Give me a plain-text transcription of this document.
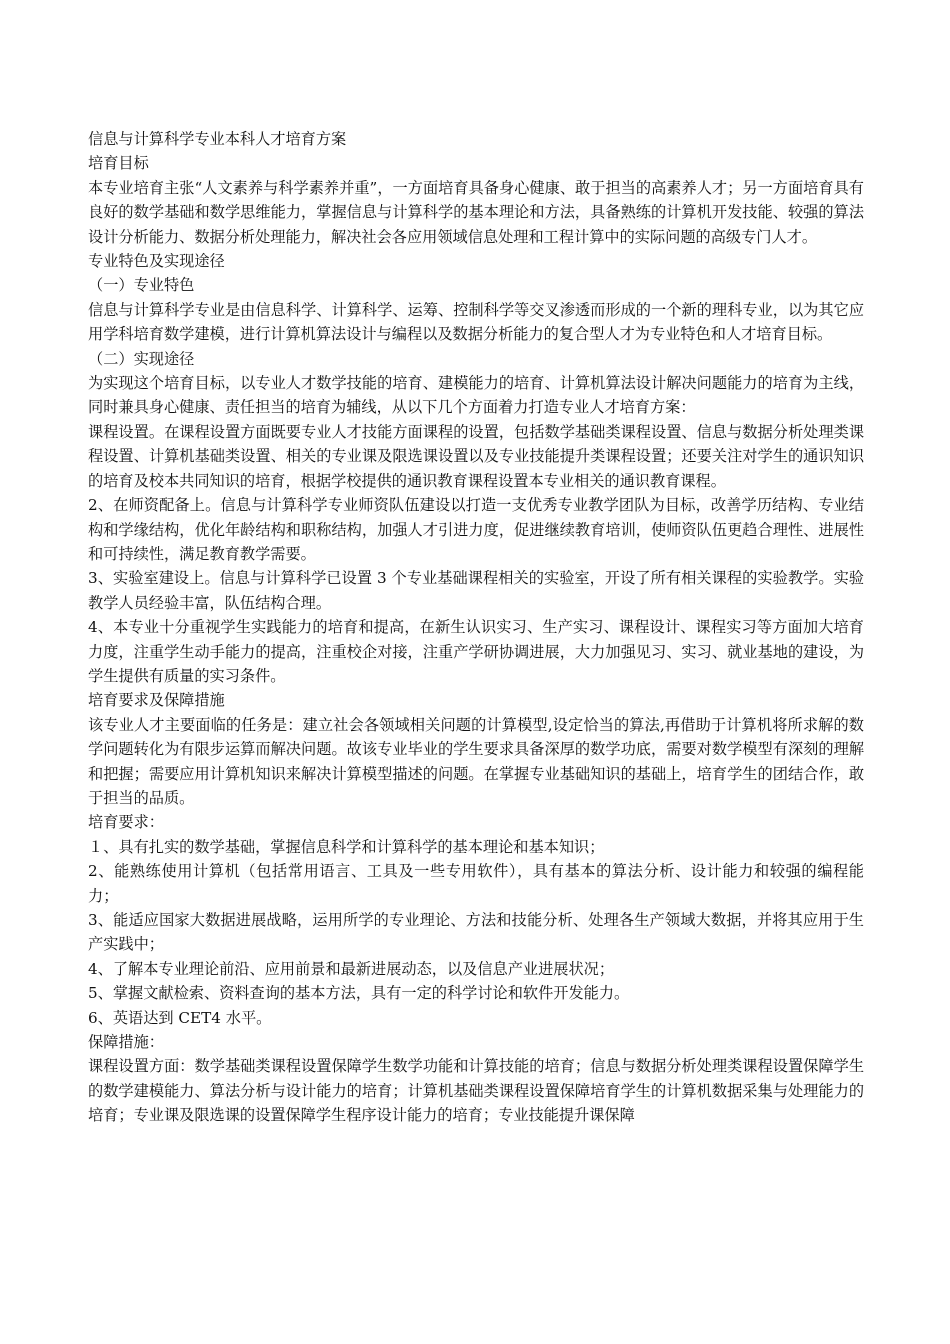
信息与计算科学专业本科人才培育方案

培育目标

本专业培育主张“人文素养与科学素养并重”，一方面培育具备身心健康、敢于担当的高素养人才；另一方面培育具有良好的数学基础和数学思维能力，掌握信息与计算科学的基本理论和方法，具备熟练的计算机开发技能、较强的算法设计分析能力、数据分析处理能力，解决社会各应用领域信息处理和工程计算中的实际问题的高级专门人才。

专业特色及实现途径

（一）专业特色

信息与计算科学专业是由信息科学、计算科学、运筹、控制科学等交叉渗透而形成的一个新的理科专业，以为其它应用学科培育数学建模，进行计算机算法设计与编程以及数据分析能力的复合型人才为专业特色和人才培育目标。

（二）实现途径

为实现这个培育目标，以专业人才数学技能的培育、建模能力的培育、计算机算法设计解决问题能力的培育为主线，同时兼具身心健康、责任担当的培育为辅线，从以下几个方面着力打造专业人才培育方案：

课程设置。在课程设置方面既要专业人才技能方面课程的设置，包括数学基础类课程设置、信息与数据分析处理类课程设置、计算机基础类设置、相关的专业课及限选课设置以及专业技能提升类课程设置；还要关注对学生的通识知识的培育及校本共同知识的培育，根据学校提供的通识教育课程设置本专业相关的通识教育课程。

2、在师资配备上。信息与计算科学专业师资队伍建设以打造一支优秀专业教学团队为目标，改善学历结构、专业结构和学缘结构，优化年龄结构和职称结构，加强人才引进力度，促进继续教育培训，使师资队伍更趋合理性、进展性和可持续性，满足教育教学需要。

3、实验室建设上。信息与计算科学已设置 3 个专业基础课程相关的实验室，开设了所有相关课程的实验教学。实验教学人员经验丰富，队伍结构合理。

4、本专业十分重视学生实践能力的培育和提高，在新生认识实习、生产实习、课程设计、课程实习等方面加大培育力度，注重学生动手能力的提高，注重校企对接，注重产学研协调进展，大力加强见习、实习、就业基地的建设，为学生提供有质量的实习条件。

培育要求及保障措施

该专业人才主要面临的任务是：建立社会各领域相关问题的计算模型,设定恰当的算法,再借助于计算机将所求解的数学问题转化为有限步运算而解决问题。故该专业毕业的学生要求具备深厚的数学功底，需要对数学模型有深刻的理解和把握；需要应用计算机知识来解决计算模型描述的问题。在掌握专业基础知识的基础上，培育学生的团结合作，敢于担当的品质。

培育要求：

１、具有扎实的数学基础，掌握信息科学和计算科学的基本理论和基本知识；

2、能熟练使用计算机（包括常用语言、工具及一些专用软件），具有基本的算法分析、设计能力和较强的编程能力；

3、能适应国家大数据进展战略，运用所学的专业理论、方法和技能分析、处理各生产领域大数据，并将其应用于生产实践中；

4、了解本专业理论前沿、应用前景和最新进展动态，以及信息产业进展状况；

5、掌握文献检索、资料查询的基本方法，具有一定的科学讨论和软件开发能力。

6、英语达到 CET4 水平。

保障措施：

课程设置方面：数学基础类课程设置保障学生数学功能和计算技能的培育；信息与数据分析处理类课程设置保障学生的数学建模能力、算法分析与设计能力的培育；计算机基础类课程设置保障培育学生的计算机数据采集与处理能力的培育；专业课及限选课的设置保障学生程序设计能力的培育；专业技能提升课保障
